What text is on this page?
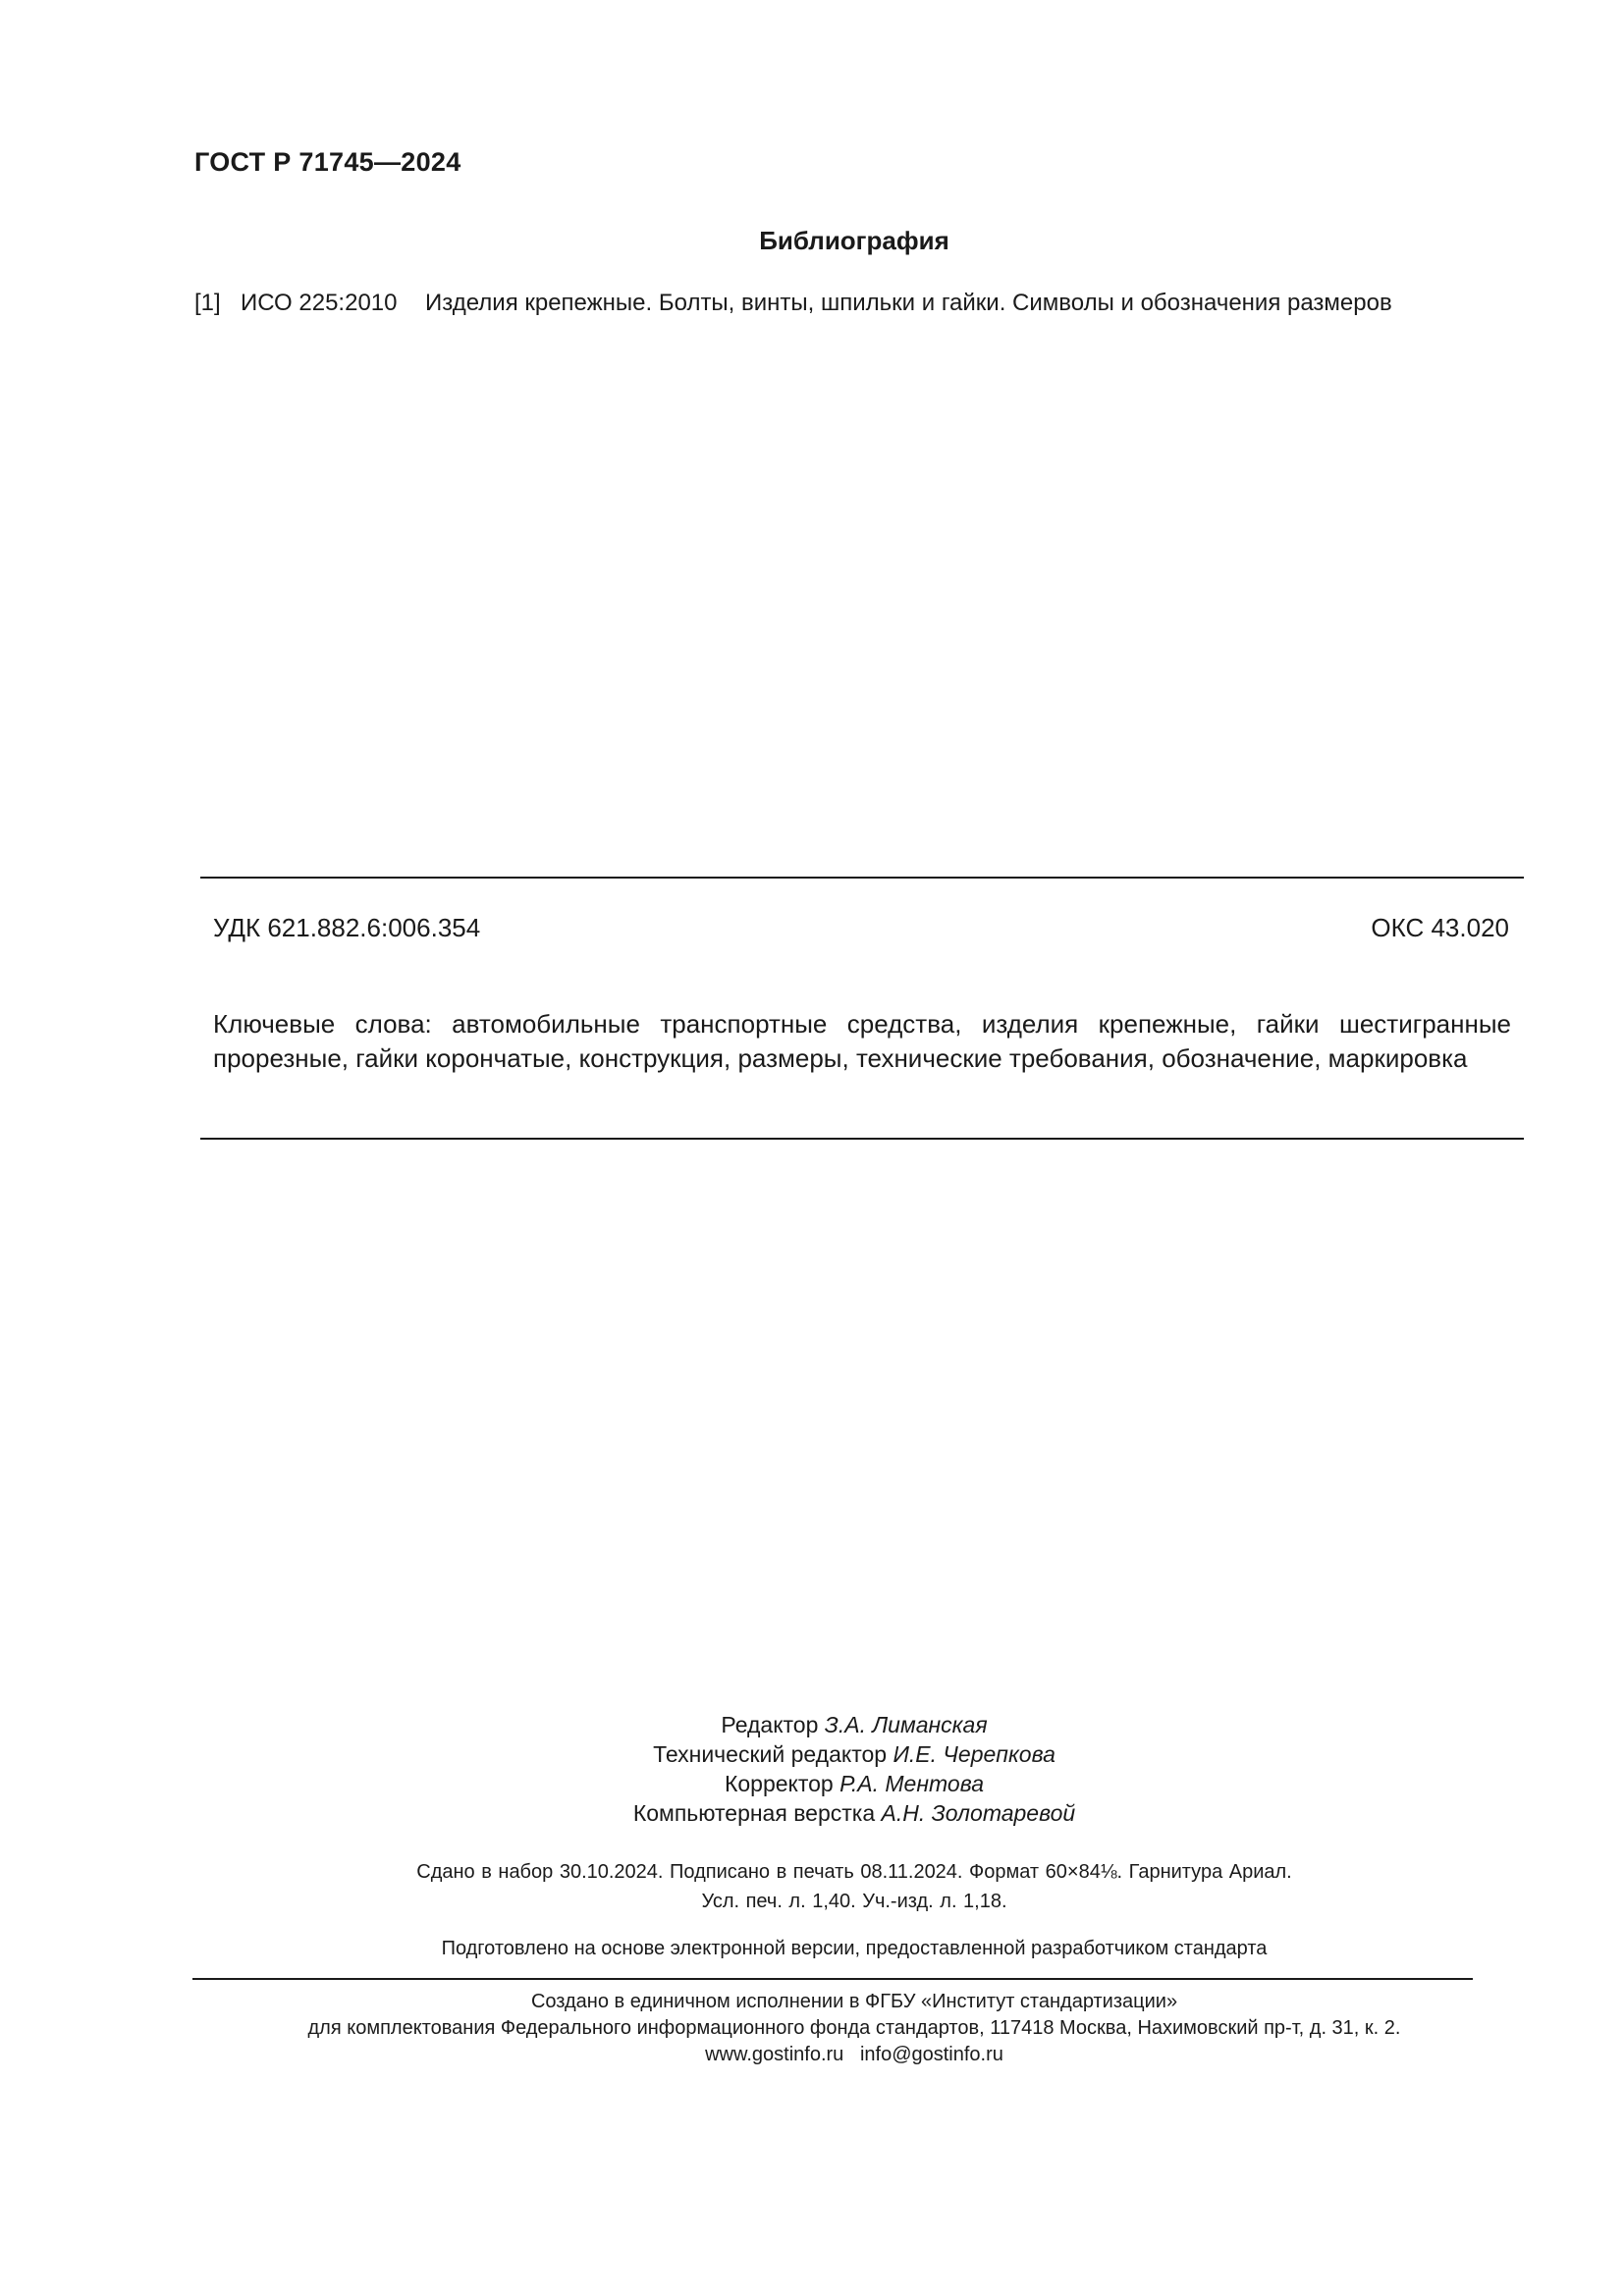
ГОСТ Р 71745—2024

Библиография

[1] ИСО 225:2010 Изделия крепежные. Болты, винты, шпильки и гайки. Символы и обозначения размеров

УДК 621.882.6:006.354	ОКС 43.020

Ключевые слова: автомобильные транспортные средства, изделия крепежные, гайки шестигранные прорезные, гайки корончатые, конструкция, размеры, технические требования, обозначение, маркировка

Редактор З.А. Лиманская
Технический редактор И.Е. Черепкова
Корректор Р.А. Ментова
Компьютерная верстка А.Н. Золотаревой
Сдано в набор 30.10.2024. Подписано в печать 08.11.2024. Формат 60×84⅛. Гарнитура Ариал.
Усл. печ. л. 1,40. Уч.-изд. л. 1,18.

Подготовлено на основе электронной версии, предоставленной разработчиком стандарта

Создано в единичном исполнении в ФГБУ «Институт стандартизации»
для комплектования Федерального информационного фонда стандартов, 117418 Москва, Нахимовский пр-т, д. 31, к. 2.
www.gostinfo.ru info@gostinfo.ru
